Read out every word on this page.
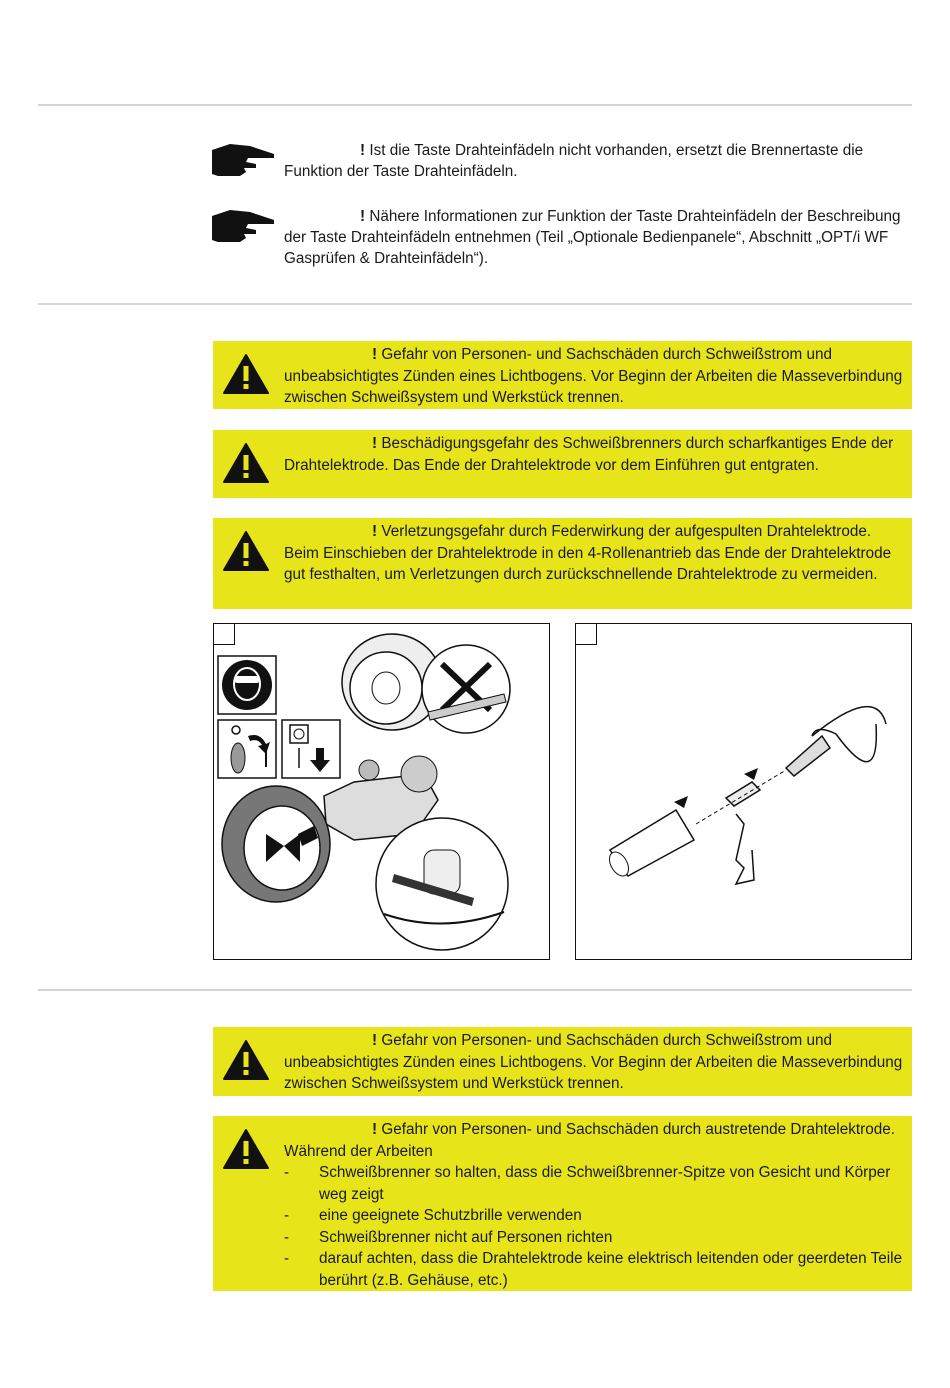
! Ist die Taste Drahteinfädeln nicht vorhanden, ersetzt die Brennertaste die Funktion der Taste Drahteinfädeln.
! Nähere Informationen zur Funktion der Taste Drahteinfädeln der Beschreibung der Taste Drahteinfädeln entnehmen (Teil „Optionale Bedienpanele“, Abschnitt „OPT/i WF Gasprüfen & Drahteinfädeln“).
! Gefahr von Personen- und Sachschäden durch Schweißstrom und unbeabsichtigtes Zünden eines Lichtbogens. Vor Beginn der Arbeiten die Masseverbindung zwischen Schweißsystem und Werkstück trennen.
! Beschädigungsgefahr des Schweißbrenners durch scharfkantiges Ende der Drahtelektrode. Das Ende der Drahtelektrode vor dem Einführen gut entgraten.
! Verletzungsgefahr durch Federwirkung der aufgespulten Drahtelektrode. Beim Einschieben der Drahtelektrode in den 4-Rollenantrieb das Ende der Drahtelektrode gut festhalten, um Verletzungen durch zurückschnellende Drahtelektrode zu vermeiden.
! Gefahr von Personen- und Sachschäden durch Schweißstrom und unbeabsichtigtes Zünden eines Lichtbogens. Vor Beginn der Arbeiten die Masseverbindung zwischen Schweißsystem und Werkstück trennen.
! Gefahr von Personen- und Sachschäden durch austretende Drahtelektrode. Während der Arbeiten
- Schweißbrenner so halten, dass die Schweißbrenner-Spitze von Gesicht und Körper weg zeigt
- eine geeignete Schutzbrille verwenden
- Schweißbrenner nicht auf Personen richten
- darauf achten, dass die Drahtelektrode keine elektrisch leitenden oder geerdeten Teile berührt (z.B. Gehäuse, etc.)
